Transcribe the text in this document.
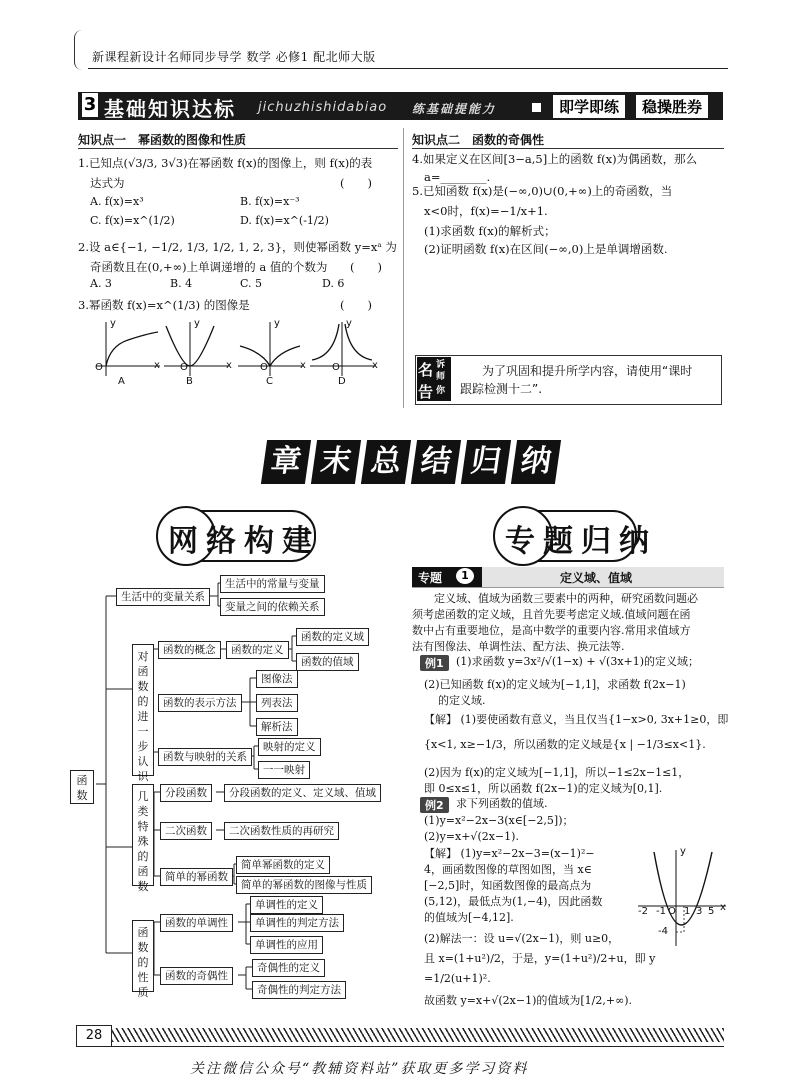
新课程新设计名师同步导学 数学 必修1 配北师大版
3 基础知识达标 jichuzhishidabiao 练基础提能力	即学即练	稳操胜券
知识点一　幂函数的图像和性质
1.已知点(√3/3, 3√3)在幂函数 f(x)的图像上，则 f(x)的表
达式为	(　　)
A. f(x)=x³	B. f(x)=x⁻³
C. f(x)=x^(1/2)	D. f(x)=x^(-1/2)
2.设 a∈{−1, −1/2, 1/3, 1/2, 1, 2, 3}，则使幂函数 y=xᵃ 为
奇函数且在(0,+∞)上单调递增的 a 值的个数为 (　　)
A. 3	B. 4	C. 5	D. 6
3.幂函数 f(x)=x^(1/3) 的图像是	(　　)
y
O	x
A
y
O	x
B
y
O	x
C
y
O	x
D
知识点二　函数的奇偶性
4.如果定义在区间[3−a,5]上的函数 f(x)为偶函数，那么
a=________.
5.已知函数 f(x)是(−∞,0)∪(0,+∞)上的奇函数，当
x<0时，f(x)=−1/x+1.
(1)求函数 f(x)的解析式；
(2)证明函数 f(x)在区间(−∞,0)上是单调增函数.
名 诉
师
告 你
为了巩固和提升所学内容，请使用“课时
跟踪检测十二”.
章 末 总 结 归 纳
网络构建	专题归纳
函数
生活中的变量关系
生活中的常量与变量
变量之间的依赖关系
对函数的进一步认识
函数的概念	函数的定义
函数的定义域
函数的值域
函数的表示方法
图像法
列表法
解析法
函数与映射的关系
映射的定义
一一映射
几类特殊的函数
分段函数	分段函数的定义、定义域、值域
二次函数	二次函数性质的再研究
简单的幂函数
简单幂函数的定义
简单的幂函数的图像与性质
函数的性质
函数的单调性
单调性的定义
单调性的判定方法
单调性的应用
函数的奇偶性
奇偶性的定义
奇偶性的判定方法
专题	1	定义域、值域
　　定义域、值域为函数三要素中的两种，研究函数问题必
须考虑函数的定义域，且首先要考虑定义域.值域问题在函
数中占有重要地位，是高中数学的重要内容.常用求值域方
法有图像法、单调性法、配方法、换元法等.
例1	(1)求函数 y=3x²/√(1−x) + √(3x+1)的定义域；
(2)已知函数 f(x)的定义域为[−1,1]，求函数 f(2x−1)
的定义域.
【解】 (1)要使函数有意义，当且仅当{1−x>0, 3x+1≥0，即
{x<1, x≥−1/3，所以函数的定义域是{x | −1/3≤x<1}.
(2)因为 f(x)的定义域为[−1,1]，所以−1≤2x−1≤1，
即 0≤x≤1，所以函数 f(2x−1)的定义域为[0,1].
例2	求下列函数的值域.
(1)y=x²−2x−3(x∈[−2,5])；
(2)y=x+√(2x−1).
【解】 (1)y=x²−2x−3=(x−1)²−
4，画函数图像的草图如图，当 x∈
[−2,5]时，知函数图像的最高点为
(5,12)，最低点为(1,−4)，因此函数
的值域为[−4,12].
(2)解法一：设 u=√(2x−1)，则 u≥0，
且 x=(1+u²)/2，于是，y=(1+u²)/2+u，即 y
=1/2(u+1)².
故函数 y=x+√(2x−1)的值域为[1/2,+∞).
y
x
-2 -1 O 1 3 5
-4
28
关注微信公众号“教辅资料站”获取更多学习资料
